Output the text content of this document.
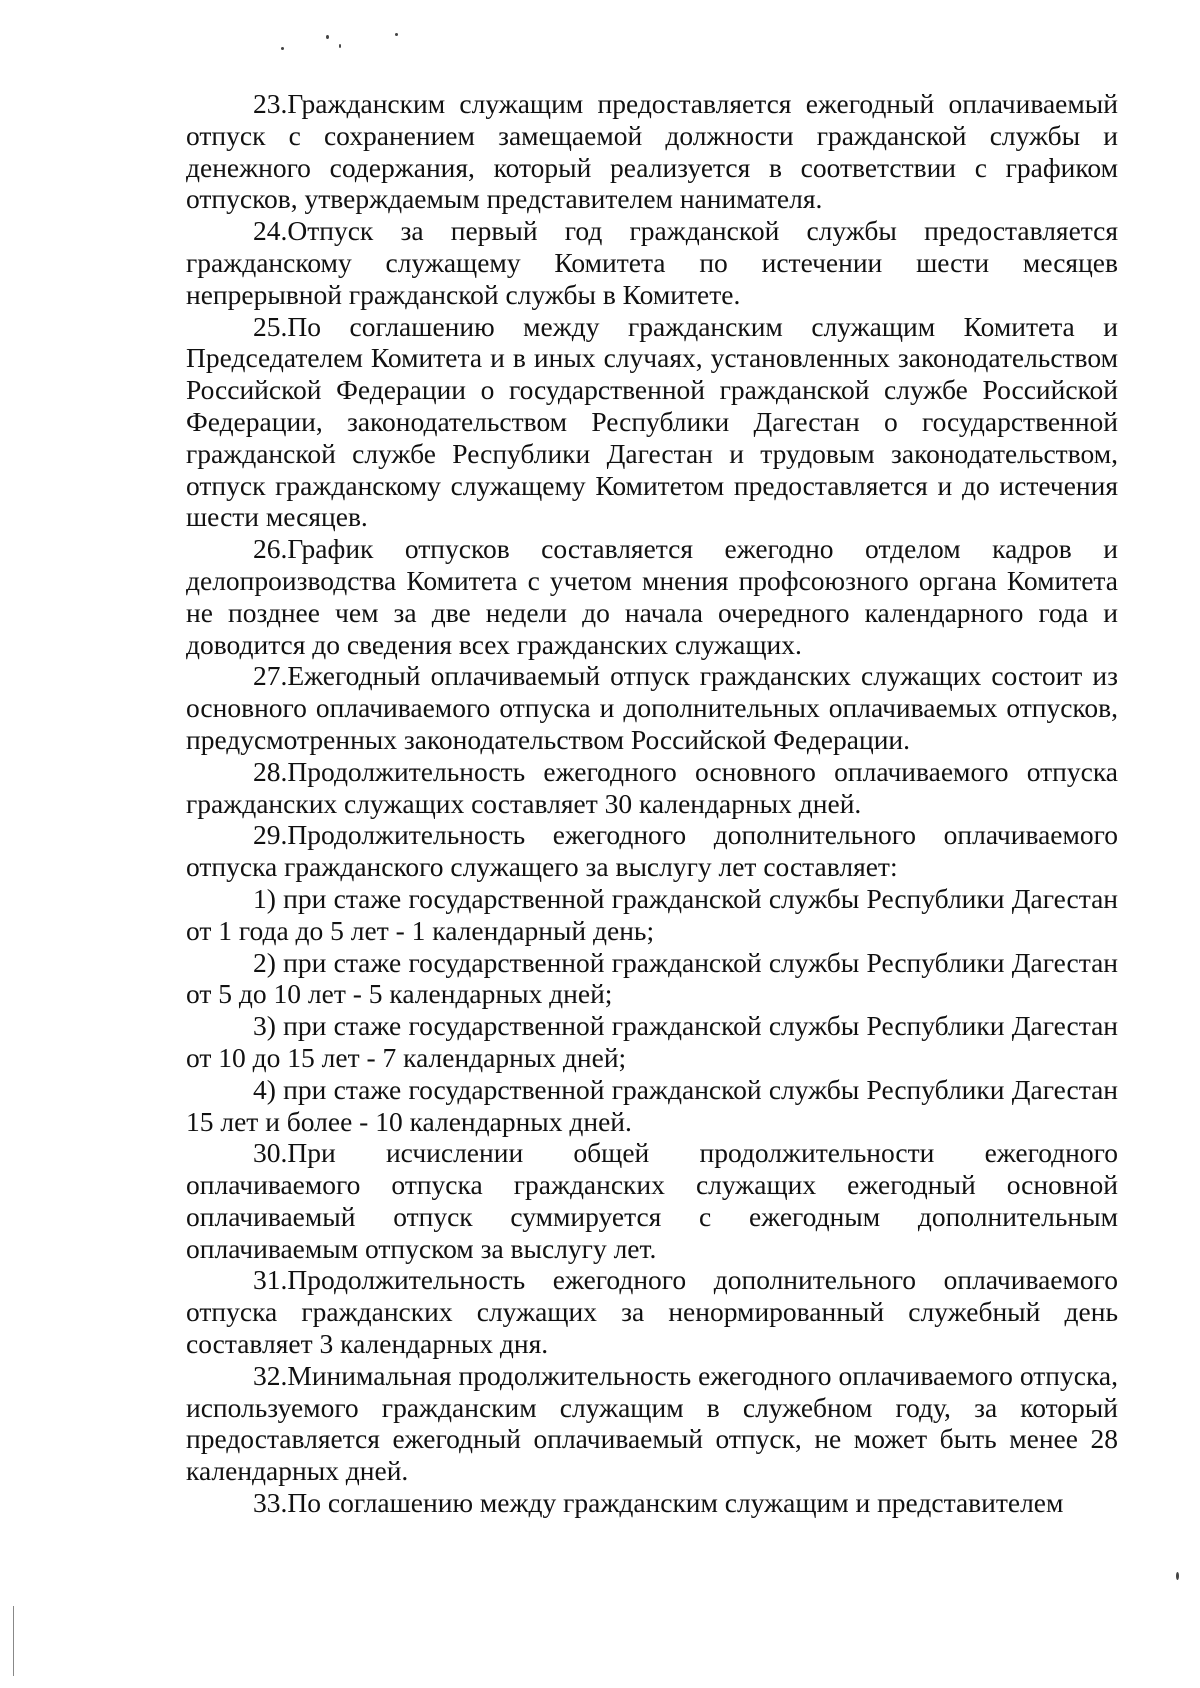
23.Гражданским служащим предоставляется ежегодный оплачиваемый отпуск с сохранением замещаемой должности гражданской службы и денежного содержания, который реализуется в соответствии с графиком отпусков, утверждаемым представителем нанимателя.

24.Отпуск за первый год гражданской службы предоставляется гражданскому служащему Комитета по истечении шести месяцев непрерывной гражданской службы в Комитете.

25.По соглашению между гражданским служащим Комитета и Председателем Комитета и в иных случаях, установленных законодательством Российской Федерации о государственной гражданской службе Российской Федерации, законодательством Республики Дагестан о государственной гражданской службе Республики Дагестан и трудовым законодательством, отпуск гражданскому служащему Комитетом предоставляется и до истечения шести месяцев.

26.График отпусков составляется ежегодно отделом кадров и делопроизводства Комитета с учетом мнения профсоюзного органа Комитета не позднее чем за две недели до начала очередного календарного года и доводится до сведения всех гражданских служащих.

27.Ежегодный оплачиваемый отпуск гражданских служащих состоит из основного оплачиваемого отпуска и дополнительных оплачиваемых отпусков, предусмотренных законодательством Российской Федерации.

28.Продолжительность ежегодного основного оплачиваемого отпуска гражданских служащих составляет 30 календарных дней.

29.Продолжительность ежегодного дополнительного оплачиваемого отпуска гражданского служащего за выслугу лет составляет:

1) при стаже государственной гражданской службы Республики Дагестан от 1 года до 5 лет - 1 календарный день;

2) при стаже государственной гражданской службы Республики Дагестан от 5 до 10 лет - 5 календарных дней;

3) при стаже государственной гражданской службы Республики Дагестан от 10 до 15 лет - 7 календарных дней;

4) при стаже государственной гражданской службы Республики Дагестан 15 лет и более - 10 календарных дней.

30.При исчислении общей продолжительности ежегодного оплачиваемого отпуска гражданских служащих ежегодный основной оплачиваемый отпуск суммируется с ежегодным дополнительным оплачиваемым отпуском за выслугу лет.

31.Продолжительность ежегодного дополнительного оплачиваемого отпуска гражданских служащих за ненормированный служебный день составляет 3 календарных дня.

32.Минимальная продолжительность ежегодного оплачиваемого отпуска, используемого гражданским служащим в служебном году, за который предоставляется ежегодный оплачиваемый отпуск, не может быть менее 28 календарных дней.

33.По соглашению между гражданским служащим и представителем
